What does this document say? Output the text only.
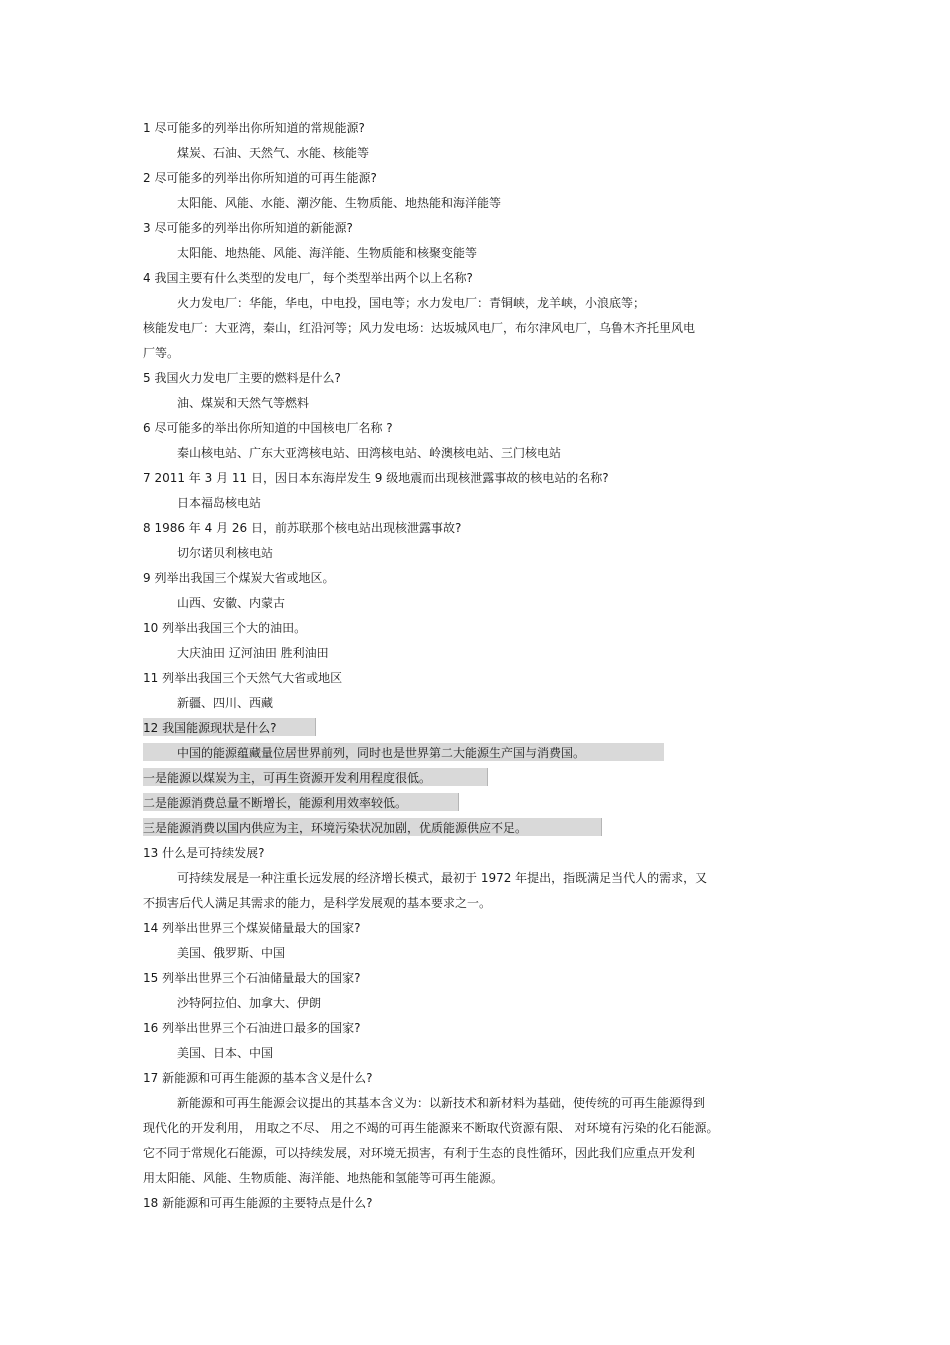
1 尽可能多的列举出你所知道的常规能源?
煤炭、石油、天然气、水能、核能等
2 尽可能多的列举出你所知道的可再生能源?
太阳能、风能、水能、潮汐能、生物质能、地热能和海洋能等
3 尽可能多的列举出你所知道的新能源?
太阳能、地热能、风能、海洋能、生物质能和核聚变能等
4 我国主要有什么类型的发电厂，每个类型举出两个以上名称?
火力发电厂：华能，华电，中电投，国电等；水力发电厂：青铜峡，龙羊峡，小浪底等；
核能发电厂：大亚湾，秦山，红沿河等；风力发电场：达坂城风电厂，布尔津风电厂，乌鲁木齐托里风电
厂等。
5 我国火力发电厂主要的燃料是什么?
油、煤炭和天然气等燃料
6 尽可能多的举出你所知道的中国核电厂名称 ?
秦山核电站、广东大亚湾核电站、田湾核电站、岭澳核电站、三门核电站
7 2011 年 3 月 11 日，因日本东海岸发生 9 级地震而出现核泄露事故的核电站的名称?
日本福岛核电站
8 1986 年 4 月 26 日，前苏联那个核电站出现核泄露事故?
切尔诺贝利核电站
9 列举出我国三个煤炭大省或地区。
山西、安徽、内蒙古
10 列举出我国三个大的油田。
大庆油田 辽河油田 胜利油田
11 列举出我国三个天然气大省或地区
新疆、四川、西藏
12 我国能源现状是什么?
中国的能源蕴藏量位居世界前列，同时也是世界第二大能源生产国与消费国。
一是能源以煤炭为主，可再生资源开发利用程度很低。
二是能源消费总量不断增长，能源利用效率较低。
三是能源消费以国内供应为主，环境污染状况加剧，优质能源供应不足。
13 什么是可持续发展?
可持续发展是一种注重长远发展的经济增长模式，最初于 1972 年提出，指既满足当代人的需求，又
不损害后代人满足其需求的能力，是科学发展观的基本要求之一。
14 列举出世界三个煤炭储量最大的国家?
美国、俄罗斯、中国
15 列举出世界三个石油储量最大的国家?
沙特阿拉伯、加拿大、伊朗
16 列举出世界三个石油进口最多的国家?
美国、日本、中国
17 新能源和可再生能源的基本含义是什么?
新能源和可再生能源会议提出的其基本含义为：以新技术和新材料为基础，使传统的可再生能源得到
现代化的开发利用， 用取之不尽、 用之不竭的可再生能源来不断取代资源有限、 对环境有污染的化石能源。
它不同于常规化石能源，可以持续发展，对环境无损害，有利于生态的良性循环，因此我们应重点开发利
用太阳能、风能、生物质能、海洋能、地热能和氢能等可再生能源。
18 新能源和可再生能源的主要特点是什么?
